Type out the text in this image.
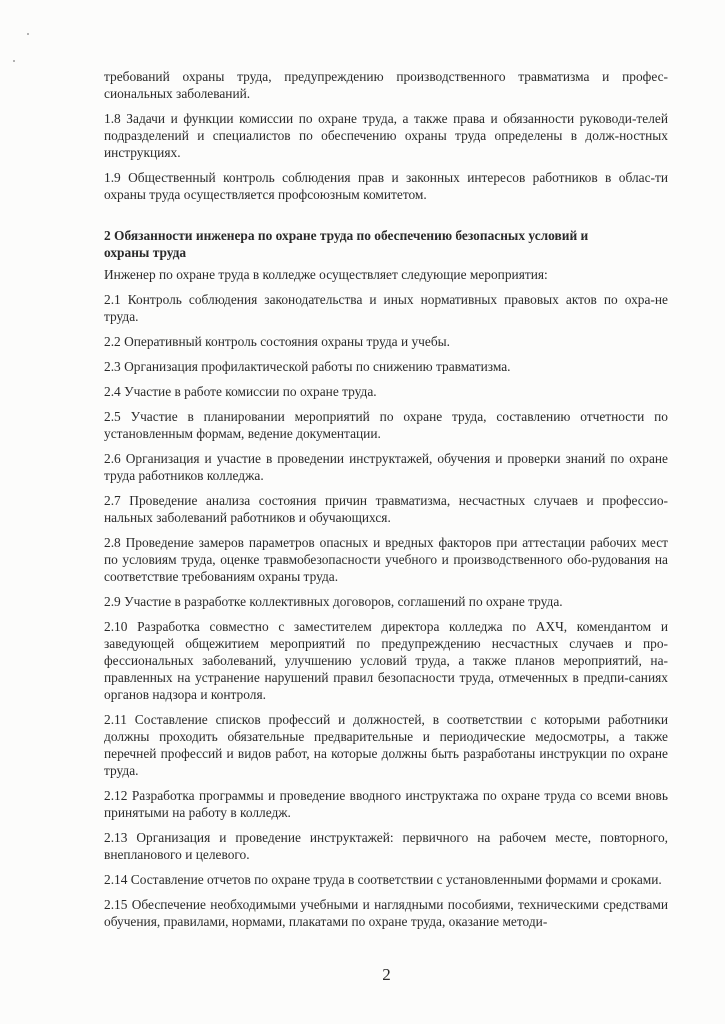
требований охраны труда, предупреждению производственного травматизма и профес-сиональных заболеваний.

1.8 Задачи и функции комиссии по охране труда, а также права и обязанности руководи-телей подразделений и специалистов по обеспечению охраны труда определены в долж-ностных инструкциях.

1.9 Общественный контроль соблюдения прав и законных интересов работников в облас-ти охраны труда осуществляется профсоюзным комитетом.

2 Обязанности инженера по охране труда по обеспечению безопасных условий и
охраны труда

Инженер по охране труда в колледже осуществляет следующие мероприятия:

2.1 Контроль соблюдения законодательства и иных нормативных правовых актов по охра-не труда.

2.2 Оперативный контроль состояния охраны труда и учебы.

2.3 Организация профилактической работы по снижению травматизма.

2.4 Участие в работе комиссии по охране труда.

2.5 Участие в планировании мероприятий по охране труда, составлению отчетности по установленным формам, ведение документации.

2.6 Организация и участие в проведении инструктажей, обучения и проверки знаний по охране труда работников колледжа.

2.7 Проведение анализа состояния причин травматизма, несчастных случаев и профессио-нальных заболеваний работников и обучающихся.

2.8 Проведение замеров параметров опасных и вредных факторов при аттестации рабочих мест по условиям труда, оценке травмобезопасности учебного и производственного обо-рудования на соответствие требованиям охраны труда.

2.9 Участие в разработке коллективных договоров, соглашений по охране труда.

2.10 Разработка совместно с заместителем директора колледжа по АХЧ, комендантом и заведующей общежитием мероприятий по предупреждению несчастных случаев и про-фессиональных заболеваний, улучшению условий труда, а также планов мероприятий, на-правленных на устранение нарушений правил безопасности труда, отмеченных в предпи-саниях органов надзора и контроля.

2.11 Составление списков профессий и должностей, в соответствии с которыми работники должны проходить обязательные предварительные и периодические медосмотры, а также перечней профессий и видов работ, на которые должны быть разработаны инструкции по охране труда.

2.12 Разработка программы и проведение вводного инструктажа по охране труда со всеми вновь принятыми на работу в колледж.

2.13 Организация и проведение инструктажей: первичного на рабочем месте, повторного, внепланового и целевого.

2.14 Составление отчетов по охране труда в соответствии с установленными формами и сроками.

2.15 Обеспечение необходимыми учебными и наглядными пособиями, техническими средствами обучения, правилами, нормами, плакатами по охране труда, оказание методи-

2
